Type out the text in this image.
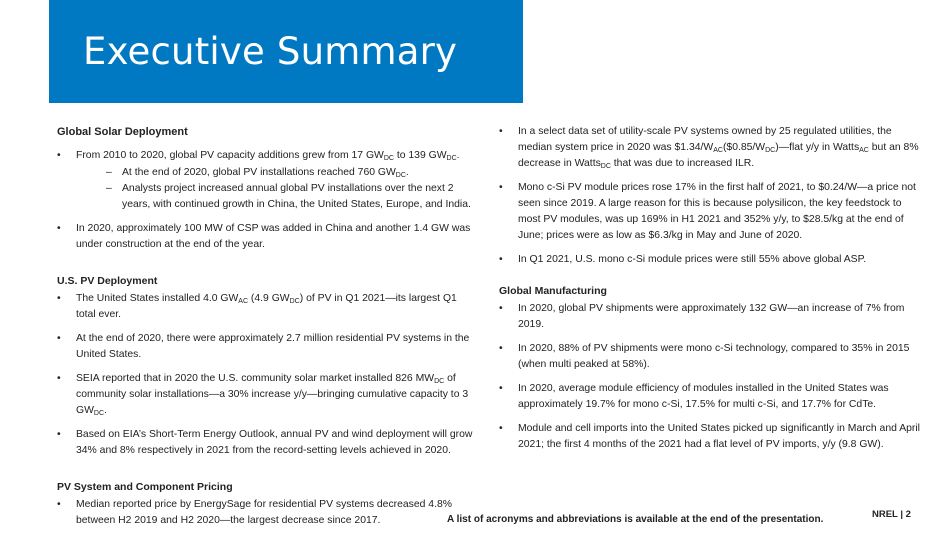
Executive Summary
Global Solar Deployment
• From 2010 to 2020, global PV capacity additions grew from 17 $GW_{DC}$ to 139 $GW_{DC}$.
– At the end of 2020, global PV installations reached 760 $GW_{DC}$.
– Analysts project increased annual global PV installations over the next 2 years, with continued growth in China, the United States, Europe, and India.
• In 2020, approximately 100 MW of CSP was added in China and another 1.4 GW was under construction at the end of the year.
U.S. PV Deployment
• The United States installed 4.0 $GW_{AC}$ (4.9 $GW_{DC}$) of PV in Q1 2021—its largest Q1 total ever.
• At the end of 2020, there were approximately 2.7 million residential PV systems in the United States.
• SEIA reported that in 2020 the U.S. community solar market installed 826 $MW_{DC}$ of community solar installations—a 30% increase y/y—bringing cumulative capacity to 3 $GW_{DC}$.
• Based on EIA’s Short-Term Energy Outlook, annual PV and wind deployment will grow 34% and 8% respectively in 2021 from the record-setting levels achieved in 2020.
PV System and Component Pricing
• Median reported price by EnergySage for residential PV systems decreased 4.8% between H2 2019 and H2 2020—the largest decrease since 2017.
• In a select data set of utility-scale PV systems owned by 25 regulated utilities, the median system price in 2020 was $\$1.34/W_{AC}(\$0.85/W_{DC})—flat$ y/y in Watts$_{AC}$ but an 8% decrease in Watts$_{DC}$ that was due to increased ILR.
• Mono c-Si PV module prices rose 17% in the first half of 2021, to $0.24/W—a price not seen since 2019. A large reason for this is because polysilicon, the key feedstock to most PV modules, was up 169% in H1 2021 and 352% y/y, to $28.5/kg at the end of June; prices were as low as $6.3/kg in May and June of 2020.
• In Q1 2021, U.S. mono c-Si module prices were still 55% above global ASP.
Global Manufacturing
• In 2020, global PV shipments were approximately 132 GW—an increase of 7% from 2019.
• In 2020, 88% of PV shipments were mono c-Si technology, compared to 35% in 2015 (when multi peaked at 58%).
• In 2020, average module efficiency of modules installed in the United States was approximately 19.7% for mono c-Si, 17.5% for multi c-Si, and 17.7% for CdTe.
• Module and cell imports into the United States picked up significantly in March and April 2021; the first 4 months of the 2021 had a flat level of PV imports, y/y (9.8 GW).
A list of acronyms and abbreviations is available at the end of the presentation.	NREL | 2
